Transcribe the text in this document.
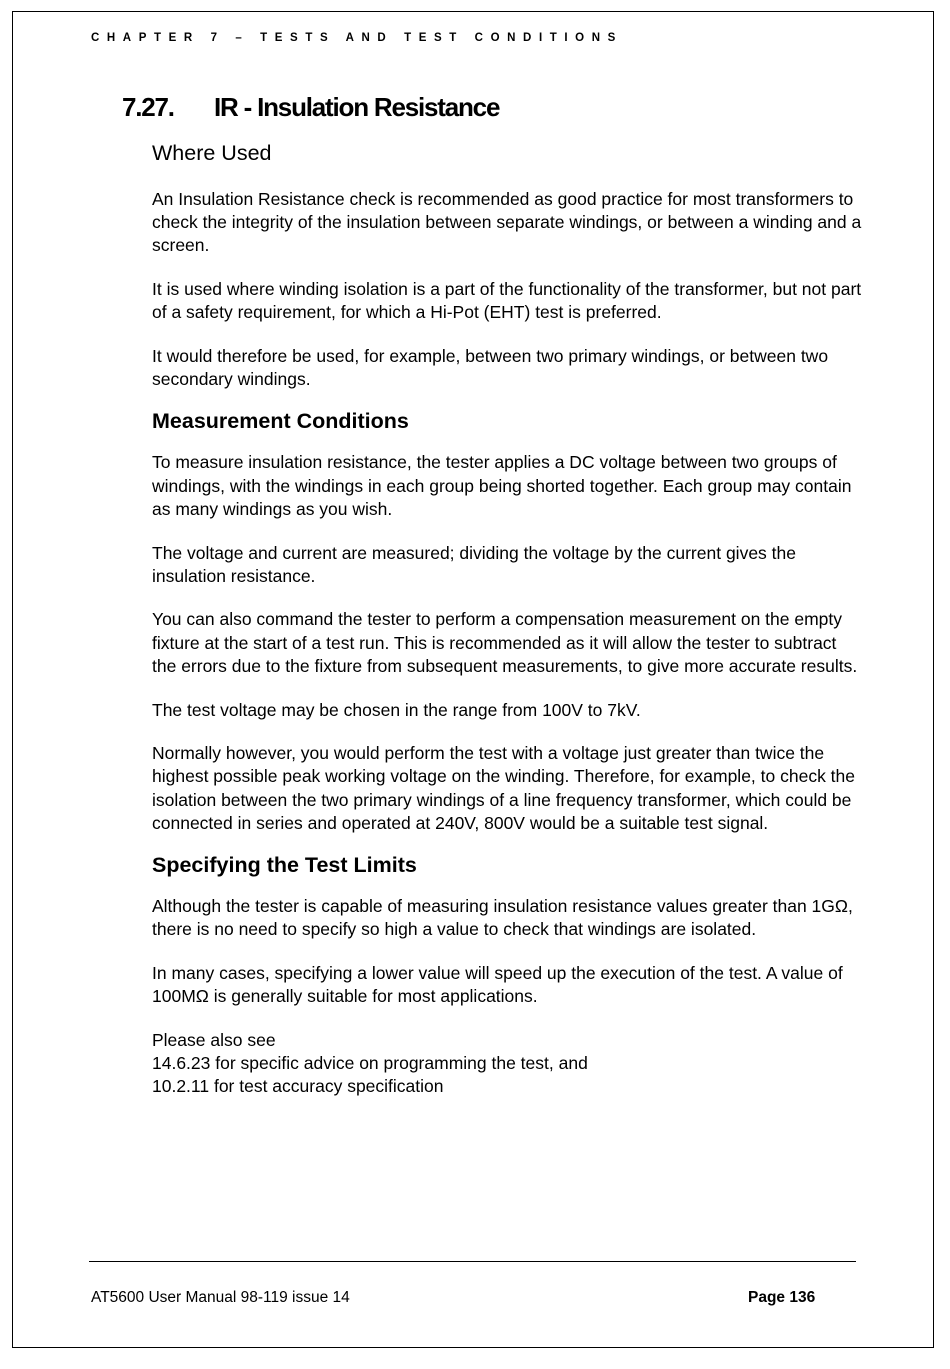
CHAPTER 7 – TESTS AND TEST CONDITIONS
7.27. IR - Insulation Resistance
Where Used

An Insulation Resistance check is recommended as good practice for most transformers to check the integrity of the insulation between separate windings, or between a winding and a screen.

It is used where winding isolation is a part of the functionality of the transformer, but not part of a safety requirement, for which a Hi-Pot (EHT) test is preferred.

It would therefore be used, for example, between two primary windings, or between two secondary windings.

Measurement Conditions

To measure insulation resistance, the tester applies a DC voltage between two groups of windings, with the windings in each group being shorted together. Each group may contain as many windings as you wish.

The voltage and current are measured; dividing the voltage by the current gives the insulation resistance.

You can also command the tester to perform a compensation measurement on the empty fixture at the start of a test run. This is recommended as it will allow the tester to subtract the errors due to the fixture from subsequent measurements, to give more accurate results.

The test voltage may be chosen in the range from 100V to 7kV.

Normally however, you would perform the test with a voltage just greater than twice the highest possible peak working voltage on the winding. Therefore, for example, to check the isolation between the two primary windings of a line frequency transformer, which could be connected in series and operated at 240V, 800V would be a suitable test signal.

Specifying the Test Limits

Although the tester is capable of measuring insulation resistance values greater than 1GΩ, there is no need to specify so high a value to check that windings are isolated.

In many cases, specifying a lower value will speed up the execution of the test. A value of 100MΩ is generally suitable for most applications.

Please also see
14.6.23 for specific advice on programming the test, and
10.2.11 for test accuracy specification

AT5600 User Manual 98-119 issue 14	Page 136
